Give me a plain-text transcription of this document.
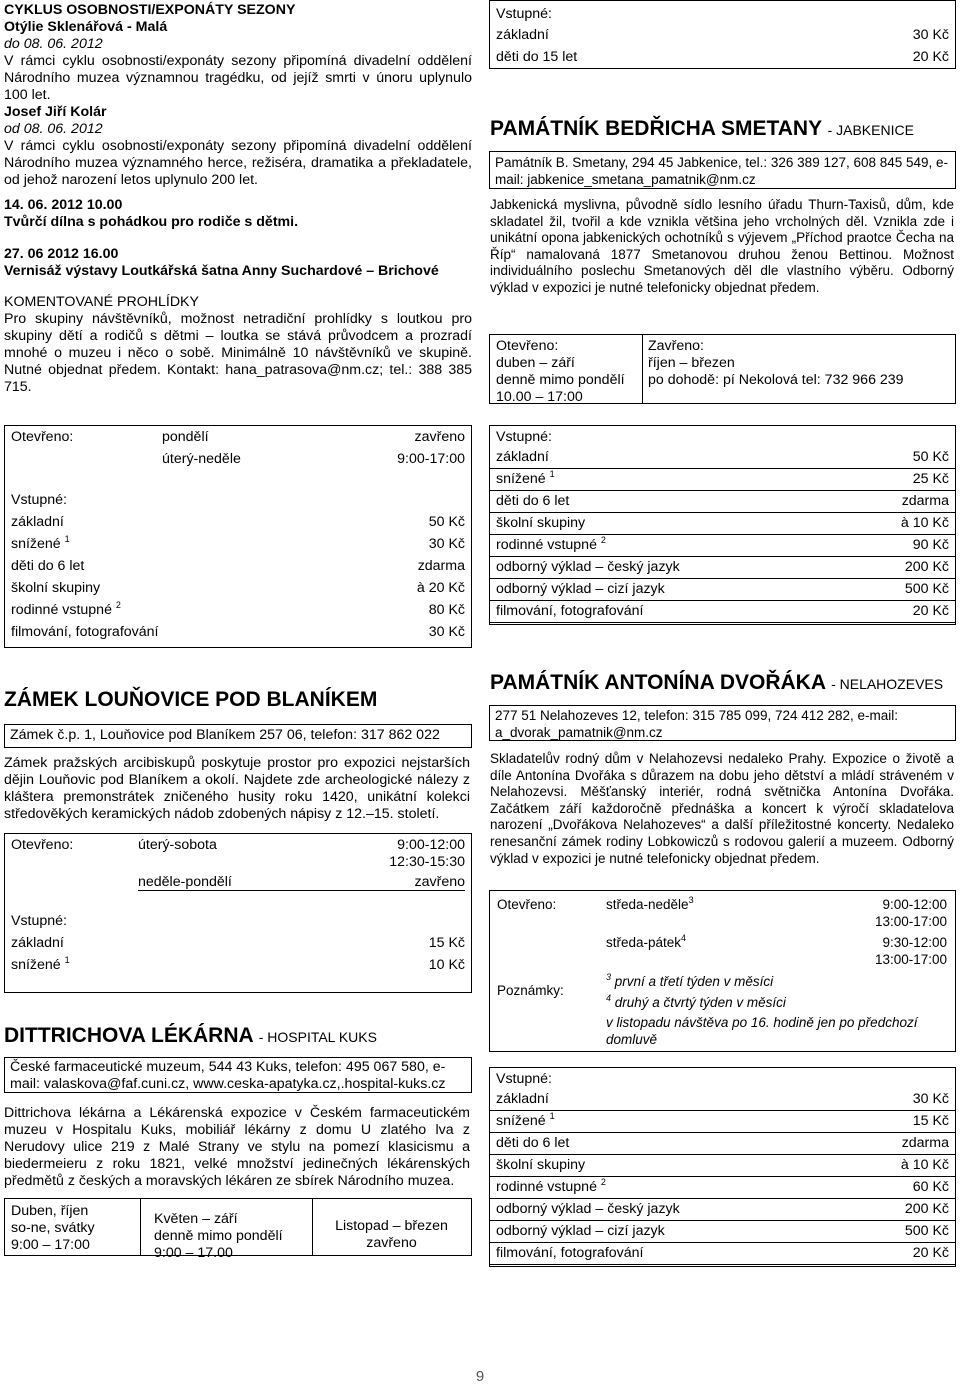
CYKLUS OSOBNOSTI/EXPONÁTY SEZONY
Otýlie Sklenářová - Malá
do 08. 06. 2012
V rámci cyklu osobnosti/exponáty sezony připomíná divadelní oddělení Národního muzea významnou tragédku, od jejíž smrti v únoru uplynulo 100 let.
Josef Jiří Kolár
od 08. 06. 2012
V rámci cyklu osobnosti/exponáty sezony připomíná divadelní oddělení Národního muzea významného herce, režiséra, dramatika a překladatele, od jehož narození letos uplynulo 200 let.
14. 06. 2012 10.00
Tvůrčí dílna s pohádkou pro rodiče s dětmi.
27. 06 2012 16.00
Vernisáž výstavy Loutkářská šatna Anny Suchardové – Brichové
KOMENTOVANÉ PROHLÍDKY
Pro skupiny návštěvníků, možnost netradiční prohlídky s loutkou pro skupiny dětí a rodičů s dětmi – loutka se stává průvodcem a prozradí mnohé o muzeu i něco o sobě. Minimálně 10 návštěvníků ve skupině. Nutné objednat předem. Kontakt: hana_patrasova@nm.cz; tel.: 388 385 715.
Otevřeno:	pondělí	zavřeno
úterý-neděle	9:00-17:00
Vstupné:
základní	50 Kč
snížené $^1$	30 Kč
děti do 6 let	zdarma
školní skupiny	à 20 Kč
rodinné vstupné $^2$	80 Kč
filmování, fotografování	30 Kč
Vstupné:
základní	30 Kč
děti do 15 let	20 Kč
PAMÁTNÍK BEDŘICHA SMETANY - JABKENICE
Památník B. Smetany, 294 45 Jabkenice, tel.: 326 389 127, 608 845 549, e-mail: jabkenice_smetana_pamatnik@nm.cz
Jabkenická myslivna, původně sídlo lesního úřadu Thurn-Taxisů, dům, kde skladatel žil, tvořil a kde vznikla většina jeho vrcholných děl. Vznikla zde i unikátní opona jabkenických ochotníků s výjevem „Příchod praotce Čecha na Říp“ namalovaná 1877 Smetanovou druhou ženou Bettinou. Možnost individuálního poslechu Smetanových děl dle vlastního výběru. Odborný výklad v expozici je nutné telefonicky objednat předem.
Otevřeno:
duben – září
denně mimo pondělí
10.00 – 17:00
Zavřeno:
říjen – březen
po dohodě: pí Nekolová tel: 732 966 239
Vstupné:
základní	50 Kč
snížené $^1$	25 Kč
děti do 6 let	zdarma
školní skupiny	à 10 Kč
rodinné vstupné $^2$	90 Kč
odborný výklad – český jazyk	200 Kč
odborný výklad – cizí jazyk	500 Kč
filmování, fotografování	20 Kč
ZÁMEK LOUŇOVICE POD BLANÍKEM
Zámek č.p. 1, Louňovice pod Blaníkem 257 06, telefon: 317 862 022
Zámek pražských arcibiskupů poskytuje prostor pro expozici nejstarších dějin Louňovic pod Blaníkem a okolí. Najdete zde archeologické nálezy z kláštera premonstrátek zničeného husity roku 1420, unikátní kolekci středověkých keramických nádob zdobených nápisy z 12.–15. století.
Otevřeno:	úterý-sobota	9:00-12:00
12:30-15:30
neděle-pondělí	zavřeno
Vstupné:
základní	15 Kč
snížené $^1$	10 Kč
DITTRICHOVA LÉKÁRNA - HOSPITAL KUKS
České farmaceutické muzeum, 544 43 Kuks, telefon: 495 067 580, e-mail: valaskova@faf.cuni.cz, www.ceska-apatyka.cz,.hospital-kuks.cz
Dittrichova lékárna a Lékárenská expozice v Českém farmaceutickém muzeu v Hospitalu Kuks, mobiliář lékárny z domu U zlatého lva z Nerudovy ulice 219 z Malé Strany ve stylu na pomezí klasicismu a biedermeieru z roku 1821, velké množství jedinečných lékárenských předmětů z českých a moravských lékáren ze sbírek Národního muzea.
Duben, říjen
so-ne, svátky
9:00 – 17:00
Květen – září
denně mimo pondělí
9:00 – 17.00
Listopad – březen
zavřeno
PAMÁTNÍK ANTONÍNA DVOŘÁKA - NELAHOZEVES
277 51 Nelahozeves 12, telefon: 315 785 099, 724 412 282, e-mail: a_dvorak_pamatnik@nm.cz
Skladatelův rodný dům v Nelahozevsi nedaleko Prahy. Expozice o životě a díle Antonína Dvořáka s důrazem na dobu jeho dětství a mládí stráveném v Nelahozevsi. Měšťanský interiér, rodná světnička Antonína Dvořáka. Začátkem září každoročně přednáška a koncert k výročí skladatelova narození „Dvořákova Nelahozeves“ a další příležitostné koncerty. Nedaleko renesanční zámek rodiny Lobkowiczů s rodovou galerií a muzeem. Odborný výklad v expozici je nutné telefonicky objednat předem.
Otevřeno:	středa-neděle$^3$	9:00-12:00
13:00-17:00
středa-pátek$^4$	9:30-12:00
13:00-17:00
Poznámky:
$^3$ první a třetí týden v měsíci
$^4$ druhý a čtvrtý týden v měsíci
v listopadu návštěva po 16. hodině jen po předchozí domluvě
Vstupné:
základní	30 Kč
snížené $^1$	15 Kč
děti do 6 let	zdarma
školní skupiny	à 10 Kč
rodinné vstupné $^2$	60 Kč
odborný výklad – český jazyk	200 Kč
odborný výklad – cizí jazyk	500 Kč
filmování, fotografování	20 Kč
9
